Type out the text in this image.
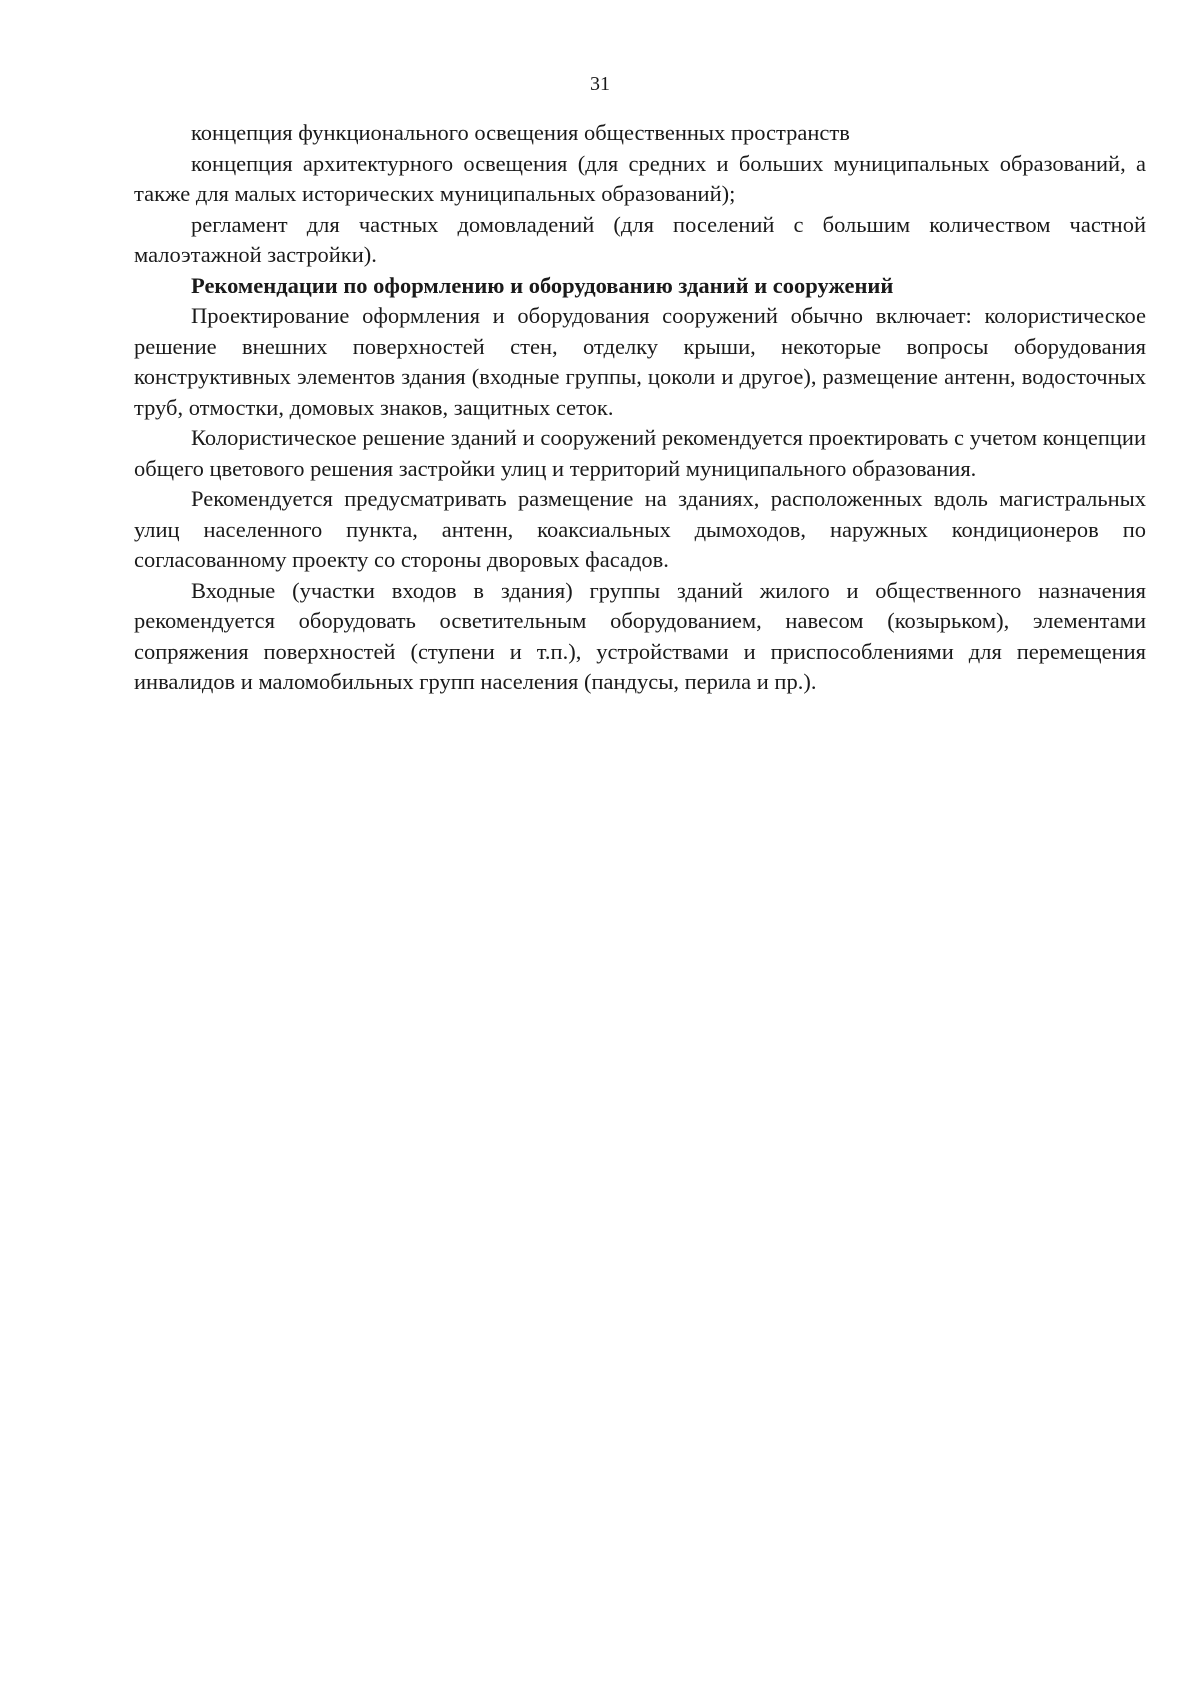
31

концепция функционального освещения общественных пространств

концепция архитектурного освещения (для средних и больших муниципальных образований, а также для малых исторических муниципальных образований);

регламент для частных домовладений (для поселений с большим количеством частной малоэтажной застройки).

Рекомендации по оформлению и оборудованию зданий и сооружений

Проектирование оформления и оборудования сооружений обычно включает: колористическое решение внешних поверхностей стен, отделку крыши, некоторые вопросы оборудования конструктивных элементов здания (входные группы, цоколи и другое), размещение антенн, водосточных труб, отмостки, домовых знаков, защитных сеток.

Колористическое решение зданий и сооружений рекомендуется проектировать с учетом концепции общего цветового решения застройки улиц и территорий муниципального образования.

Рекомендуется предусматривать размещение на зданиях, расположенных вдоль магистральных улиц населенного пункта, антенн, коаксиальных дымоходов, наружных кондиционеров по согласованному проекту со стороны дворовых фасадов.

Входные (участки входов в здания) группы зданий жилого и общественного назначения рекомендуется оборудовать осветительным оборудованием, навесом (козырьком), элементами сопряжения поверхностей (ступени и т.п.), устройствами и приспособлениями для перемещения инвалидов и маломобильных групп населения (пандусы, перила и пр.).
